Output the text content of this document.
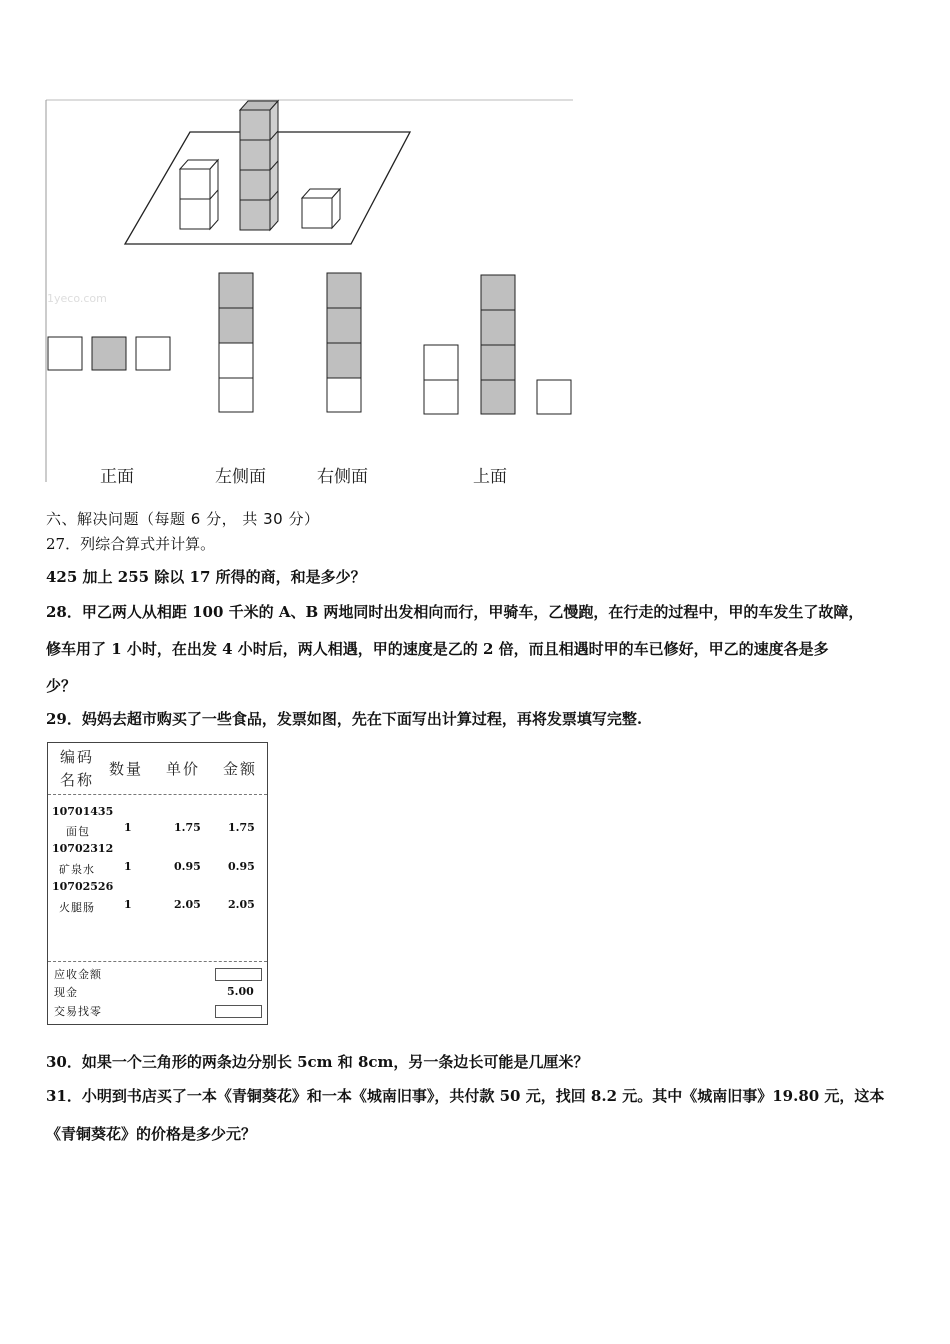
1yeco.com
正面	左侧面	右侧面	上面
六、解决问题（每题 6 分， 共 30 分）
27．列综合算式并计算。
425 加上 255 除以 17 所得的商，和是多少？
28．甲乙两人从相距 100 千米的 A、B 两地同时出发相向而行，甲骑车，乙慢跑，在行走的过程中，甲的车发生了故障，
修车用了 1 小时，在出发 4 小时后，两人相遇，甲的速度是乙的 2 倍，而且相遇时甲的车已修好，甲乙的速度各是多
少？
29．妈妈去超市购买了一些食品，发票如图，先在下面写出计算过程，再将发票填写完整.
编码
名称
数量 单价 金额
10701435
面包	1	1.75 1.75
10702312
矿泉水	1	0.95 0.95
10702526
火腿肠	1	2.05 2.05
应收金额
现金	5.00
交易找零
30．如果一个三角形的两条边分别长 5cm 和 8cm，另一条边长可能是几厘米？
31．小明到书店买了一本《青铜葵花》和一本《城南旧事》，共付款 50 元，找回 8.2 元。其中《城南旧事》19.80 元，这本
《青铜葵花》的价格是多少元？
